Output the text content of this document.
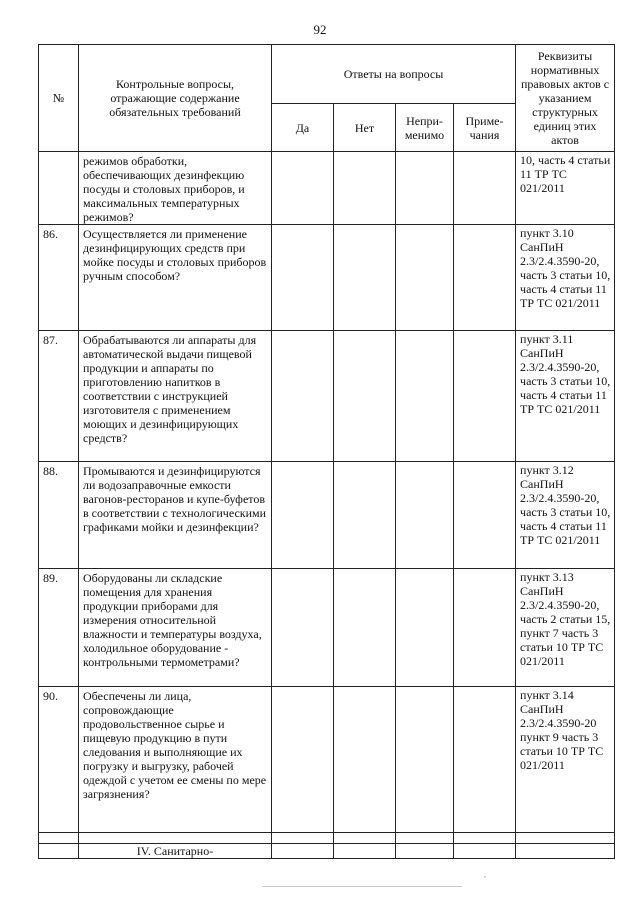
92
№	Контрольные вопросы, отражающие содержание обязательных требований	Ответы на вопросы				Реквизиты нормативных правовых актов с указанием структурных единиц этих актов
		Да	Нет	Непри-менимо	Приме-чания	
	режимов обработки, обеспечивающих дезинфекцию посуды и столовых приборов, и максимальных температурных режимов?					10, часть 4 статьи 11 ТР ТС 021/2011
86.	Осуществляется ли применение дезинфицирующих средств при мойке посуды и столовых приборов ручным способом?					пункт 3.10 СанПиН 2.3/2.4.3590-20, часть 3 статьи 10, часть 4 статьи 11 ТР ТС 021/2011
87.	Обрабатываются ли аппараты для автоматической выдачи пищевой продукции и аппараты по приготовлению напитков в соответствии с инструкцией изготовителя с применением моющих и дезинфицирующих средств?					пункт 3.11 СанПиН 2.3/2.4.3590-20, часть 3 статьи 10, часть 4 статьи 11 ТР ТС 021/2011
88.	Промываются и дезинфицируются ли водозаправочные емкости вагонов-ресторанов и купе-буфетов в соответствии с технологическими графиками мойки и дезинфекции?					пункт 3.12 СанПиН 2.3/2.4.3590-20, часть 3 статьи 10, часть 4 статьи 11 ТР ТС 021/2011
89.	Оборудованы ли складские помещения для хранения продукции приборами для измерения относительной влажности и температуры воздуха, холодильное оборудование - контрольными термометрами?					пункт 3.13 СанПиН 2.3/2.4.3590-20, часть 2 статьи 15, пункт 7 часть 3 статьи 10 ТР ТС 021/2011
90.	Обеспечены ли лица, сопровождающие продовольственное сырье и пищевую продукцию в пути следования и выполняющие их погрузку и выгрузку, рабочей одеждой с учетом ее смены по мере загрязнения?					пункт 3.14 СанПиН 2.3/2.4.3590-20 пункт 9 часть 3 статьи 10 ТР ТС 021/2011

	IV. Санитарно-					
